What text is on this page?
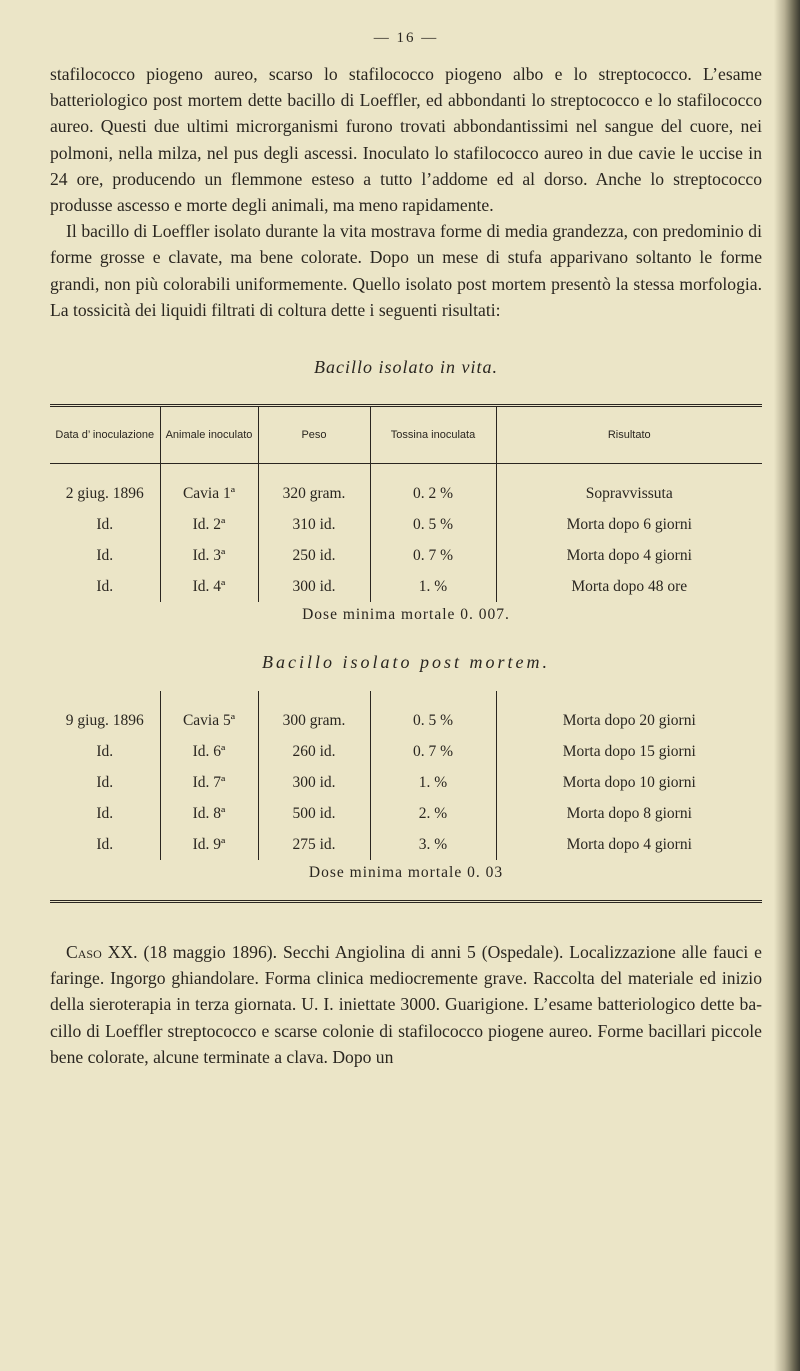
— 16 —

stafilococco piogeno aureo, scarso lo stafilococco piogeno albo e lo streptococco. L’esame batteriologico post mortem dette bacillo di Loeffler, ed abbondanti lo streptococco e lo stafilococco aureo. Questi due ultimi microrganismi furono trovati abbondantissimi nel sangue del cuore, nei polmoni, nella milza, nel pus degli ascessi. Inoculato lo stafilococco aureo in due cavie le uccise in 24 ore, producendo un flemmone esteso a tutto l’addome ed al dorso. Anche lo streptococco produsse ascesso e morte degli animali, ma meno rapidamente.

Il bacillo di Loeffler isolato durante la vita mostrava forme di media grandezza, con predominio di forme grosse e clavate, ma bene colorate. Dopo un mese di stufa apparivano soltanto le forme grandi, non più colorabili uniformemente. Quello isolato post mortem presentò la stessa morfologia. La tossicità dei liquidi filtrati di coltura dette i seguenti risultati:

Bacillo isolato in vita.
Data d’ inoculazione	Animale inoculato	Peso	Tossina inoculata	Risultato

2 giug. 1896	Cavia 1ª	320 gram.	0. 2 %	Sopravvissuta
Id.	Id. 2ª	310 id.	0. 5 %	Morta dopo 6 giorni
Id.	Id. 3ª	250 id.	0. 7 %	Morta dopo 4 giorni
Id.	Id. 4ª	300 id.	1. %	Morta dopo 48 ore

Dose minima mortale 0. 007.

Bacillo isolato post mortem.

9 giug. 1896	Cavia 5ª	300 gram.	0. 5 %	Morta dopo 20 giorni
Id.	Id. 6ª	260 id.	0. 7 %	Morta dopo 15 giorni
Id.	Id. 7ª	300 id.	1. %	Morta dopo 10 giorni
Id.	Id. 8ª	500 id.	2. %	Morta dopo 8 giorni
Id.	Id. 9ª	275 id.	3. %	Morta dopo 4 giorni

Dose minima mortale 0. 03

Caso XX. (18 maggio 1896). Secchi Angiolina di anni 5 (Ospedale). Localizzazione alle fauci e faringe. Ingorgo ghiandolare. Forma clinica mediocremente grave. Raccolta del materiale ed inizio della sieroterapia in terza giornata. U. I. iniettate 3000. Guarigione. L’esame batteriologico dette bacillo di Loeffler streptococco e scarse colonie di stafilococco piogene aureo. Forme bacillari piccole bene colorate, alcune terminate a clava. Dopo un
